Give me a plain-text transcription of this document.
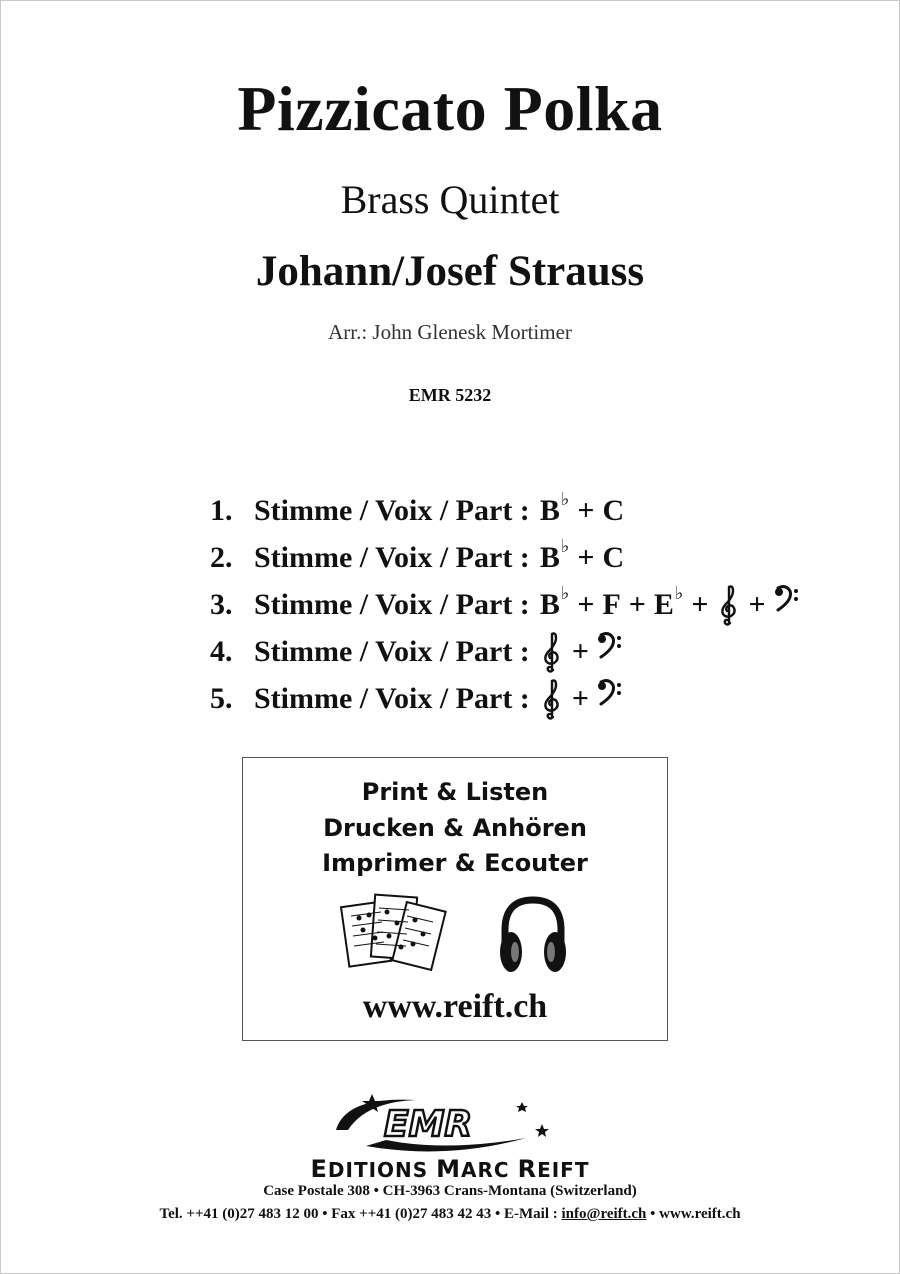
Pizzicato Polka
Brass Quintet
Johann/Josef Strauss
Arr.: John Glenesk Mortimer
EMR 5232
1. Stimme / Voix / Part : B ♭ + C
2. Stimme / Voix / Part : B ♭ + C
3. Stimme / Voix / Part : B ♭ + F + E ♭ + +
4. Stimme / Voix / Part : +
5. Stimme / Voix / Part : +
Print & Listen
Drucken & Anhören
Imprimer & Ecouter
www.reift.ch
EMR
EDITIONS MARC REIFT
Case Postale 308 • CH-3963 Crans-Montana (Switzerland)
Tel. ++41 (0)27 483 12 00 • Fax ++41 (0)27 483 42 43 • E-Mail : info@reift.ch • www.reift.ch
